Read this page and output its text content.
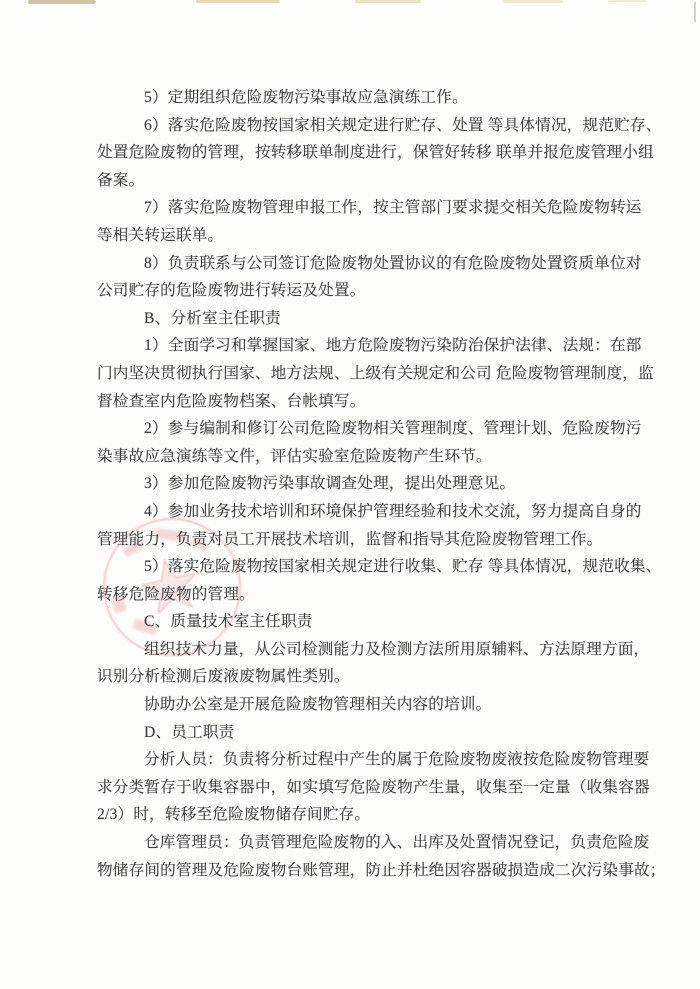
5）定期组织危险废物污染事故应急演练工作。
6）落实危险废物按国家相关规定进行贮存、处置 等具体情况，规范贮存、
处置危险废物的管理，按转移联单制度进行，保管好转移 联单并报危废管理小组
备案。
7）落实危险废物管理申报工作，按主管部门要求提交相关危险废物转运
等相关转运联单。
8）负责联系与公司签订危险废物处置协议的有危险废物处置资质单位对
公司贮存的危险废物进行转运及处置。
B、分析室主任职责
1）全面学习和掌握国家、地方危险废物污染防治保护法律、法规：在部
门内坚决贯彻执行国家、地方法规、上级有关规定和公司 危险废物管理制度，监
督检查室内危险废物档案、台帐填写。
2）参与编制和修订公司危险废物相关管理制度、管理计划、危险废物污
染事故应急演练等文件，评估实验室危险废物产生环节。
3）参加危险废物污染事故调查处理，提出处理意见。
4）参加业务技术培训和环境保护管理经验和技术交流，努力提高自身的
管理能力，负责对员工开展技术培训，监督和指导其危险废物管理工作。
5）落实危险废物按国家相关规定进行收集、贮存 等具体情况，规范收集、
转移危险废物的管理。
C、质量技术室主任职责
组织技术力量，从公司检测能力及检测方法所用原辅料、方法原理方面，
识别分析检测后废液废物属性类别。
协助办公室是开展危险废物管理相关内容的培训。
D、员工职责
分析人员：负责将分析过程中产生的属于危险废物废液按危险废物管理要
求分类暂存于收集容器中，如实填写危险废物产生量，收集至一定量（收集容器
2/3）时，转移至危险废物储存间贮存。
仓库管理员：负责管理危险废物的入、出库及处置情况登记，负责危险废
物储存间的管理及危险废物台账管理，防止并杜绝因容器破损造成二次污染事故；
